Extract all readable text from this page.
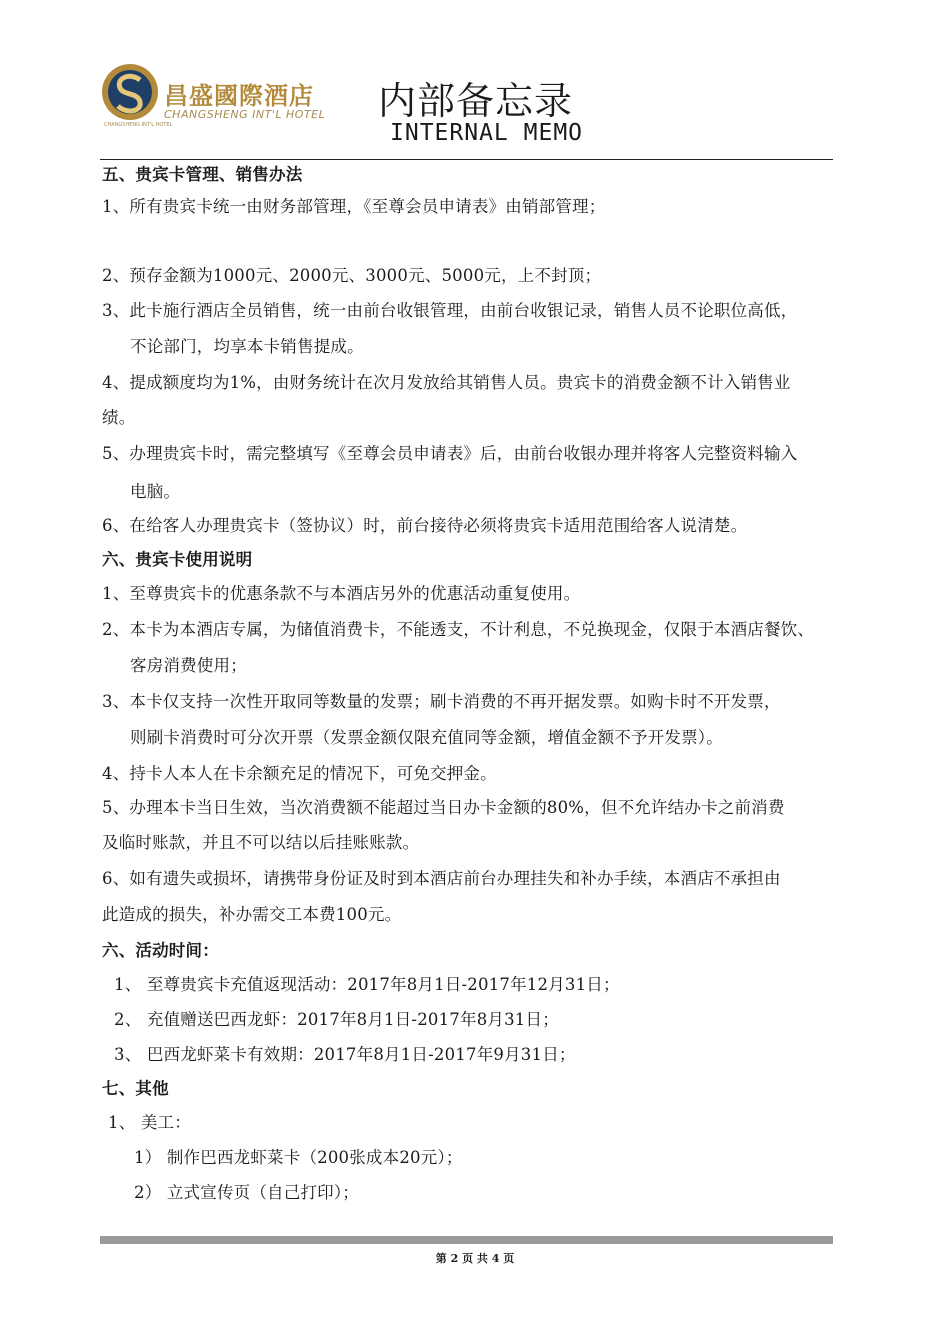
昌盛國際酒店
CHANGSHENG INT'L HOTEL
CHANGSHENG INT'L HOTEL
内部备忘录
INTERNAL MEMO
五、贵宾卡管理、销售办法
1、所有贵宾卡统一由财务部管理，《至尊会员申请表》由销部管理；
2、预存金额为1000元、2000元、3000元、5000元，上不封顶；
3、此卡施行酒店全员销售，统一由前台收银管理，由前台收银记录，销售人员不论职位高低，
不论部门，均享本卡销售提成。
4、提成额度均为1%，由财务统计在次月发放给其销售人员。贵宾卡的消费金额不计入销售业
绩。
5、办理贵宾卡时，需完整填写《至尊会员申请表》后，由前台收银办理并将客人完整资料输入
电脑。
6、在给客人办理贵宾卡（签协议）时，前台接待必须将贵宾卡适用范围给客人说清楚。
六、贵宾卡使用说明
1、至尊贵宾卡的优惠条款不与本酒店另外的优惠活动重复使用。
2、本卡为本酒店专属，为储值消费卡，不能透支，不计利息，不兑换现金，仅限于本酒店餐饮、
客房消费使用；
3、本卡仅支持一次性开取同等数量的发票；刷卡消费的不再开据发票。如购卡时不开发票，
则刷卡消费时可分次开票（发票金额仅限充值同等金额，增值金额不予开发票）。
4、持卡人本人在卡余额充足的情况下，可免交押金。
5、办理本卡当日生效，当次消费额不能超过当日办卡金额的80%，但不允许结办卡之前消费
及临时账款，并且不可以结以后挂账账款。
6、如有遗失或损坏，请携带身份证及时到本酒店前台办理挂失和补办手续，本酒店不承担由
此造成的损失，补办需交工本费100元。
六、活动时间：
1、 至尊贵宾卡充值返现活动：2017年8月1日-2017年12月31日；
2、 充值赠送巴西龙虾：2017年8月1日-2017年8月31日；
3、 巴西龙虾菜卡有效期：2017年8月1日-2017年9月31日；
七、其他
1、 美工：
1） 制作巴西龙虾菜卡（200张成本20元）；
2） 立式宣传页（自己打印）；
第 2 页 共 4 页
